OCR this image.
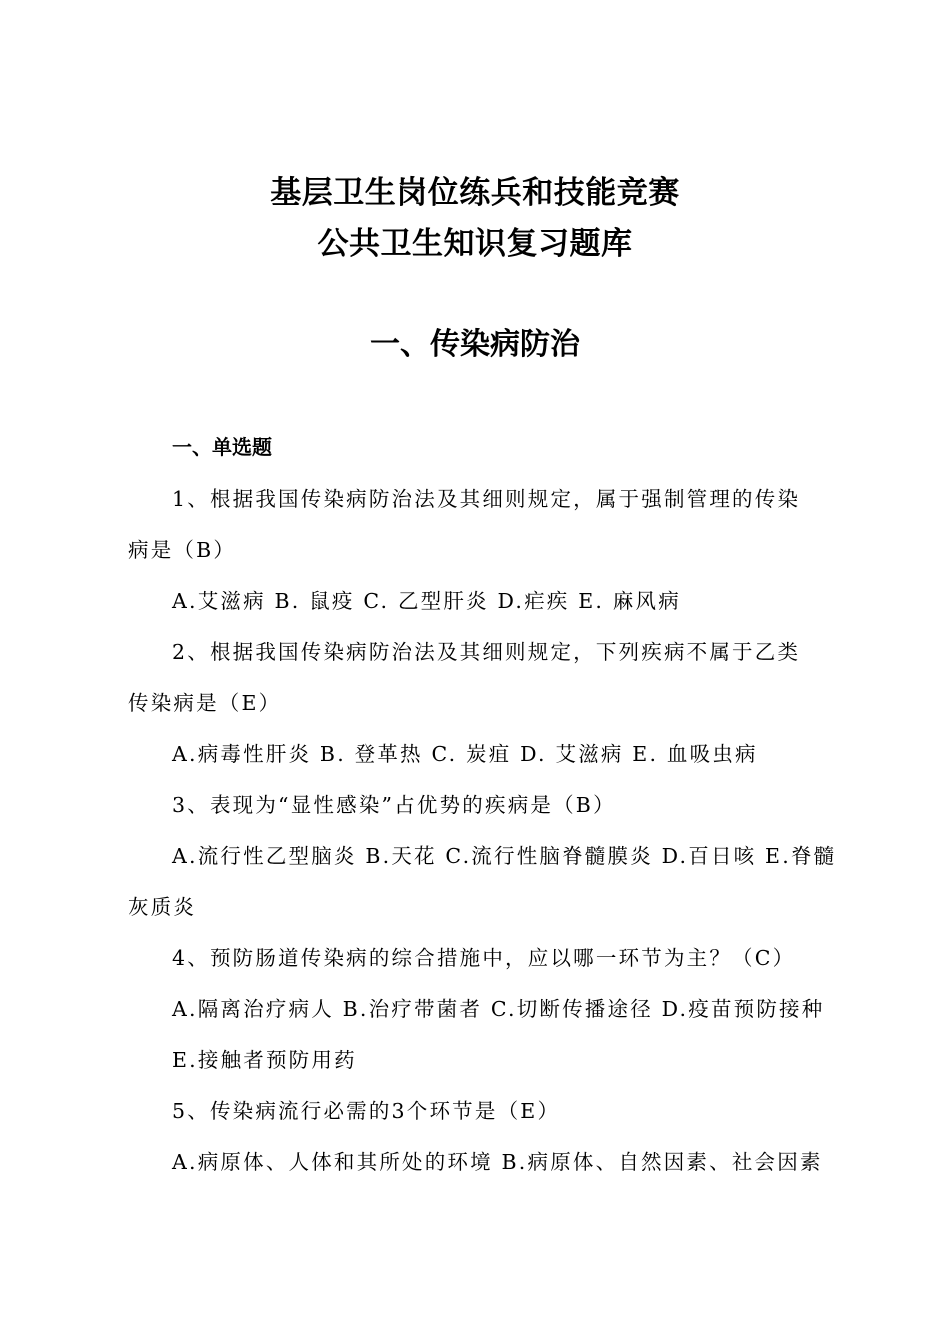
基层卫生岗位练兵和技能竞赛
公共卫生知识复习题库
一、传染病防治
一、单选题
1、根据我国传染病防治法及其细则规定，属于强制管理的传染
病是（B）
A.艾滋病 B. 鼠疫 C. 乙型肝炎 D.疟疾 E. 麻风病
2、根据我国传染病防治法及其细则规定，下列疾病不属于乙类
传染病是（E）
A.病毒性肝炎 B. 登革热 C. 炭疽 D. 艾滋病 E. 血吸虫病
3、表现为“显性感染”占优势的疾病是（B）
A.流行性乙型脑炎 B.天花 C.流行性脑脊髓膜炎 D.百日咳 E.脊髓
灰质炎
4、预防肠道传染病的综合措施中，应以哪一环节为主？（C）
A.隔离治疗病人 B.治疗带菌者 C.切断传播途径 D.疫苗预防接种
E.接触者预防用药
5、传染病流行必需的3个环节是（E）
A.病原体、人体和其所处的环境 B.病原体、自然因素、社会因素
